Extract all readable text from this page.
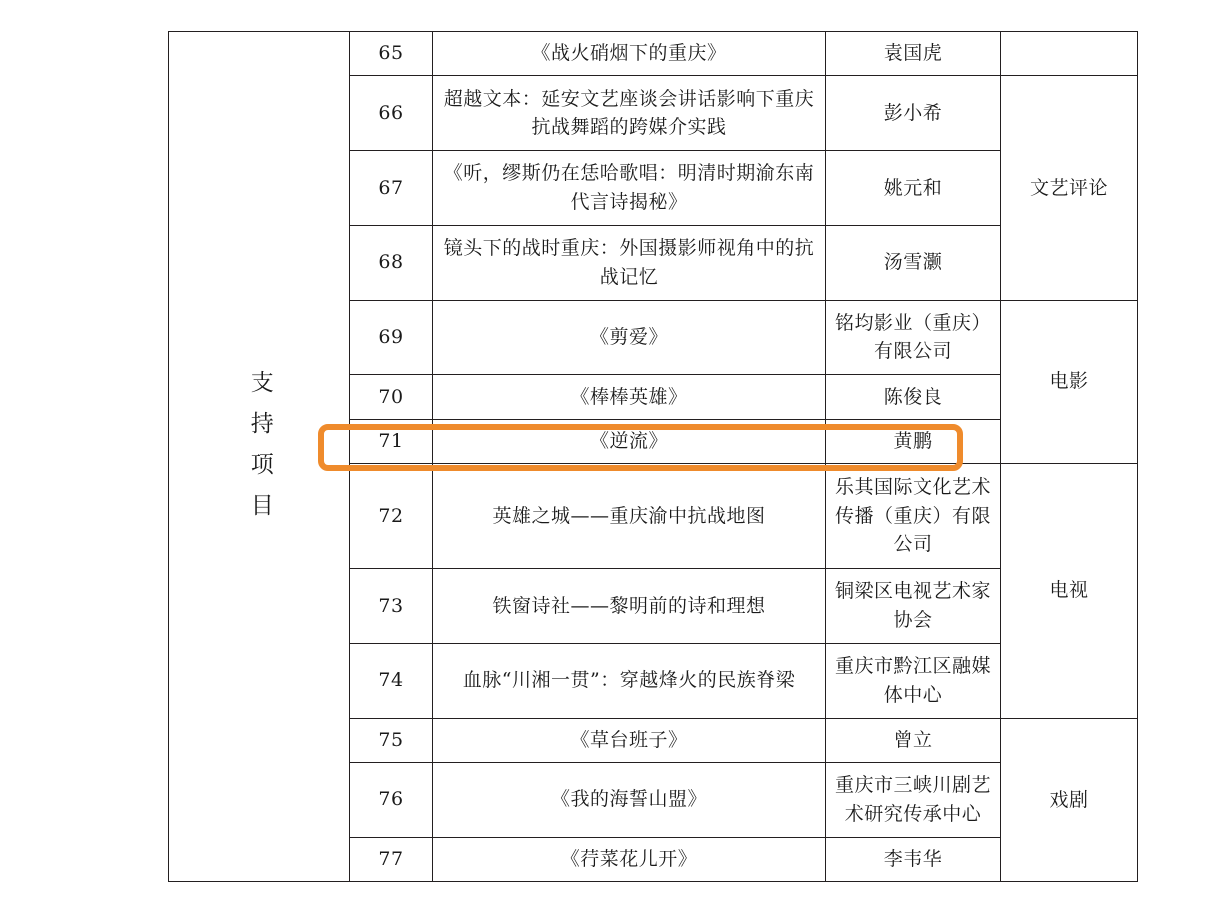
支持项目	65	《战火硝烟下的重庆》	袁国虎	
	66	超越文本：延安文艺座谈会讲话影响下重庆抗战舞蹈的跨媒介实践	彭小希	文艺评论
	67	《听，缪斯仍在恁哈歌唱：明清时期渝东南代言诗揭秘》	姚元和	
	68	镜头下的战时重庆：外国摄影师视角中的抗战记忆	汤雪灏	
	69	《剪爱》	铭均影业（重庆）有限公司	电影
	70	《棒棒英雄》	陈俊良	
	71	《逆流》	黄鹏	
	72	英雄之城——重庆渝中抗战地图	乐其国际文化艺术传播（重庆）有限公司	电视
	73	铁窗诗社——黎明前的诗和理想	铜梁区电视艺术家协会	
	74	血脉“川湘一贯”：穿越烽火的民族脊梁	重庆市黔江区融媒体中心	
	75	《草台班子》	曾立	戏剧
	76	《我的海誓山盟》	重庆市三峡川剧艺术研究传承中心	
	77	《荇菜花儿开》	李韦华	
